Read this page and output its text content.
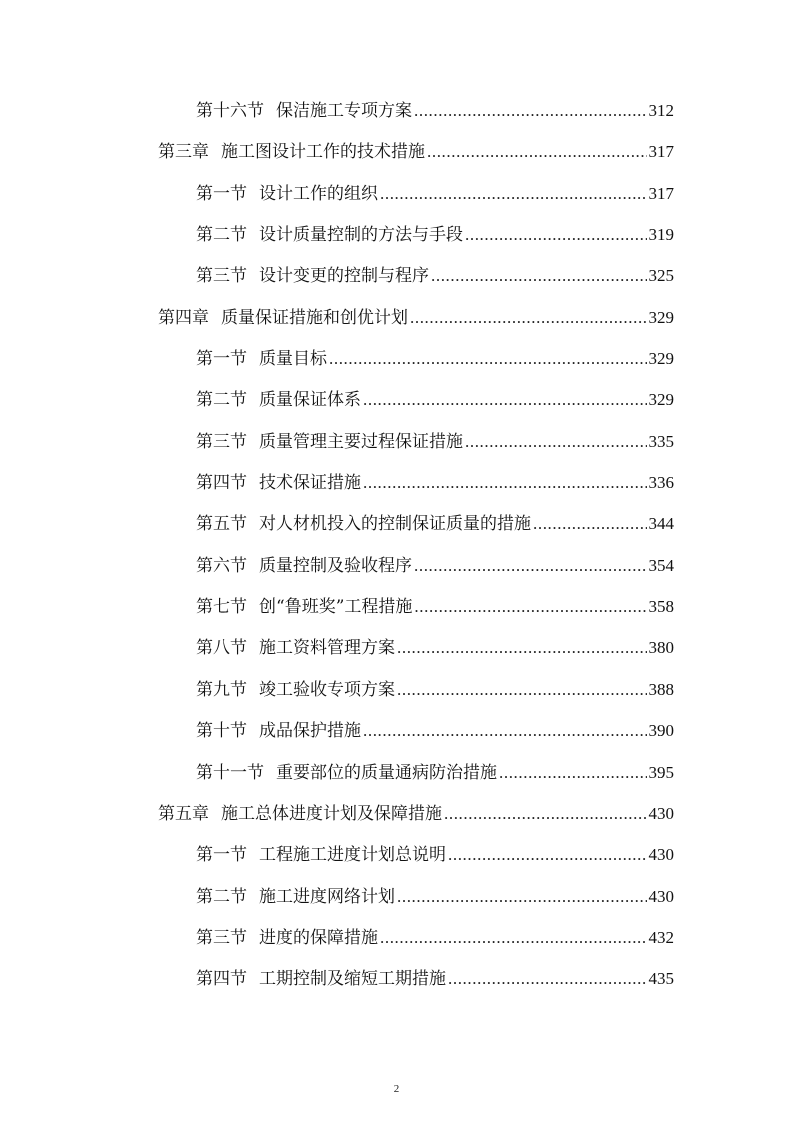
第十六节 保洁施工专项方案 .....	312
第三章 施工图设计工作的技术措施 .....	317
第一节 设计工作的组织 .....	317
第二节 设计质量控制的方法与手段 .....	319
第三节 设计变更的控制与程序 .....	325
第四章 质量保证措施和创优计划 .....	329
第一节 质量目标 .....	329
第二节 质量保证体系 .....	329
第三节 质量管理主要过程保证措施 .....	335
第四节 技术保证措施 .....	336
第五节 对人材机投入的控制保证质量的措施 .....	344
第六节 质量控制及验收程序 .....	354
第七节 创“鲁班奖”工程措施 .....	358
第八节 施工资料管理方案 .....	380
第九节 竣工验收专项方案 .....	388
第十节 成品保护措施 .....	390
第十一节 重要部位的质量通病防治措施 .....	395
第五章 施工总体进度计划及保障措施 .....	430
第一节 工程施工进度计划总说明 .....	430
第二节 施工进度网络计划 .....	430
第三节 进度的保障措施 .....	432
第四节 工期控制及缩短工期措施 .....	435
2
